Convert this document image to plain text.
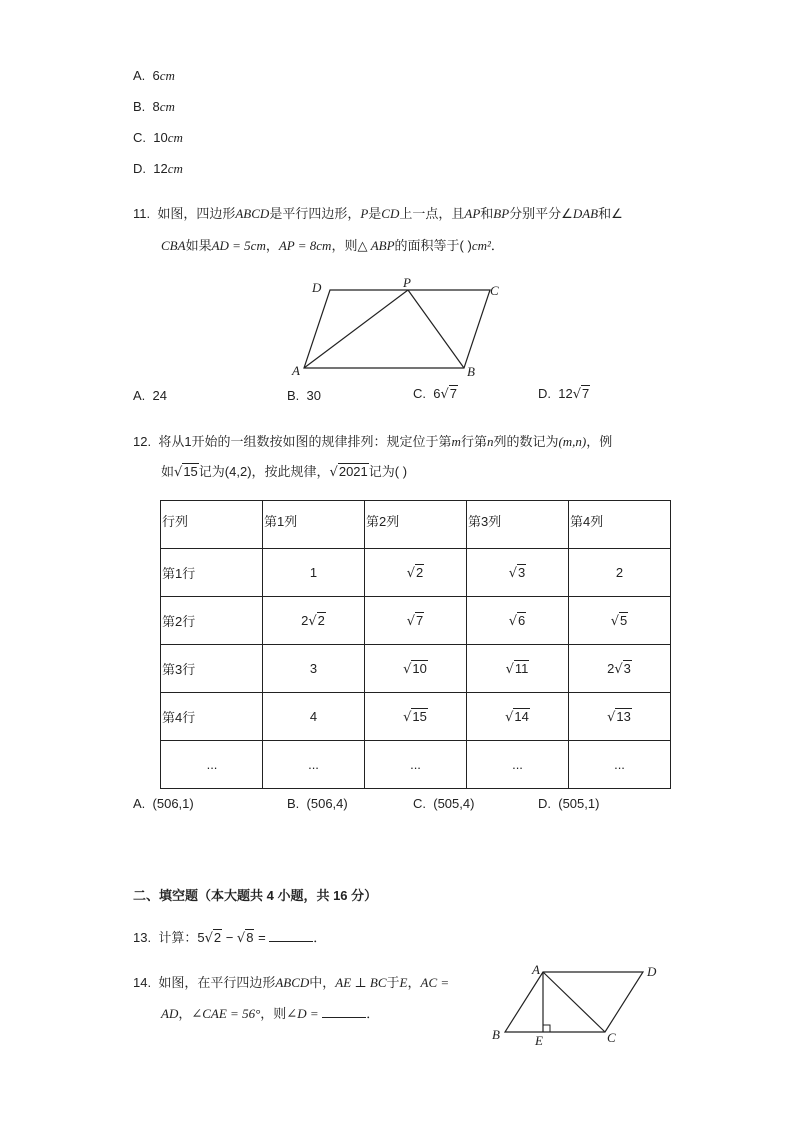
A. 6cm
B. 8cm
C. 10cm
D. 12cm
11. 如图，四边形ABCD是平行四边形，P是CD上一点，且AP和BP分别平分∠DAB和∠
CBA如果AD = 5cm，AP = 8cm，则△ ABP的面积等于( )cm²．
D	P
C
A	B
A. 24	B. 30	C. 6√7	D. 12√7
12. 将从1开始的一组数按如图的规律排列：规定位于第m行第n列的数记为(m,n)，例
如√15记为(4,2)，按此规律，√2021记为( )
行列	第1列	第2列	第3列	第4列
第1行	1	√2	√3	2
第2行	2√2	√7	√6	√5
第3行	3	√10	√11	2√3
第4行	4	√15	√14	√13
...	...	...	...	...
A. (506,1)	B. (506,4)	C. (505,4)	D. (505,1)
二、填空题（本大题共 4 小题，共 16 分）
13. 计算：5√2 − √8 =	．
14. 如图，在平行四边形ABCD中，AE ⊥ BC于E，AC =
AD，∠CAE = 56°，则∠D =	．
A	D
B	E	C
